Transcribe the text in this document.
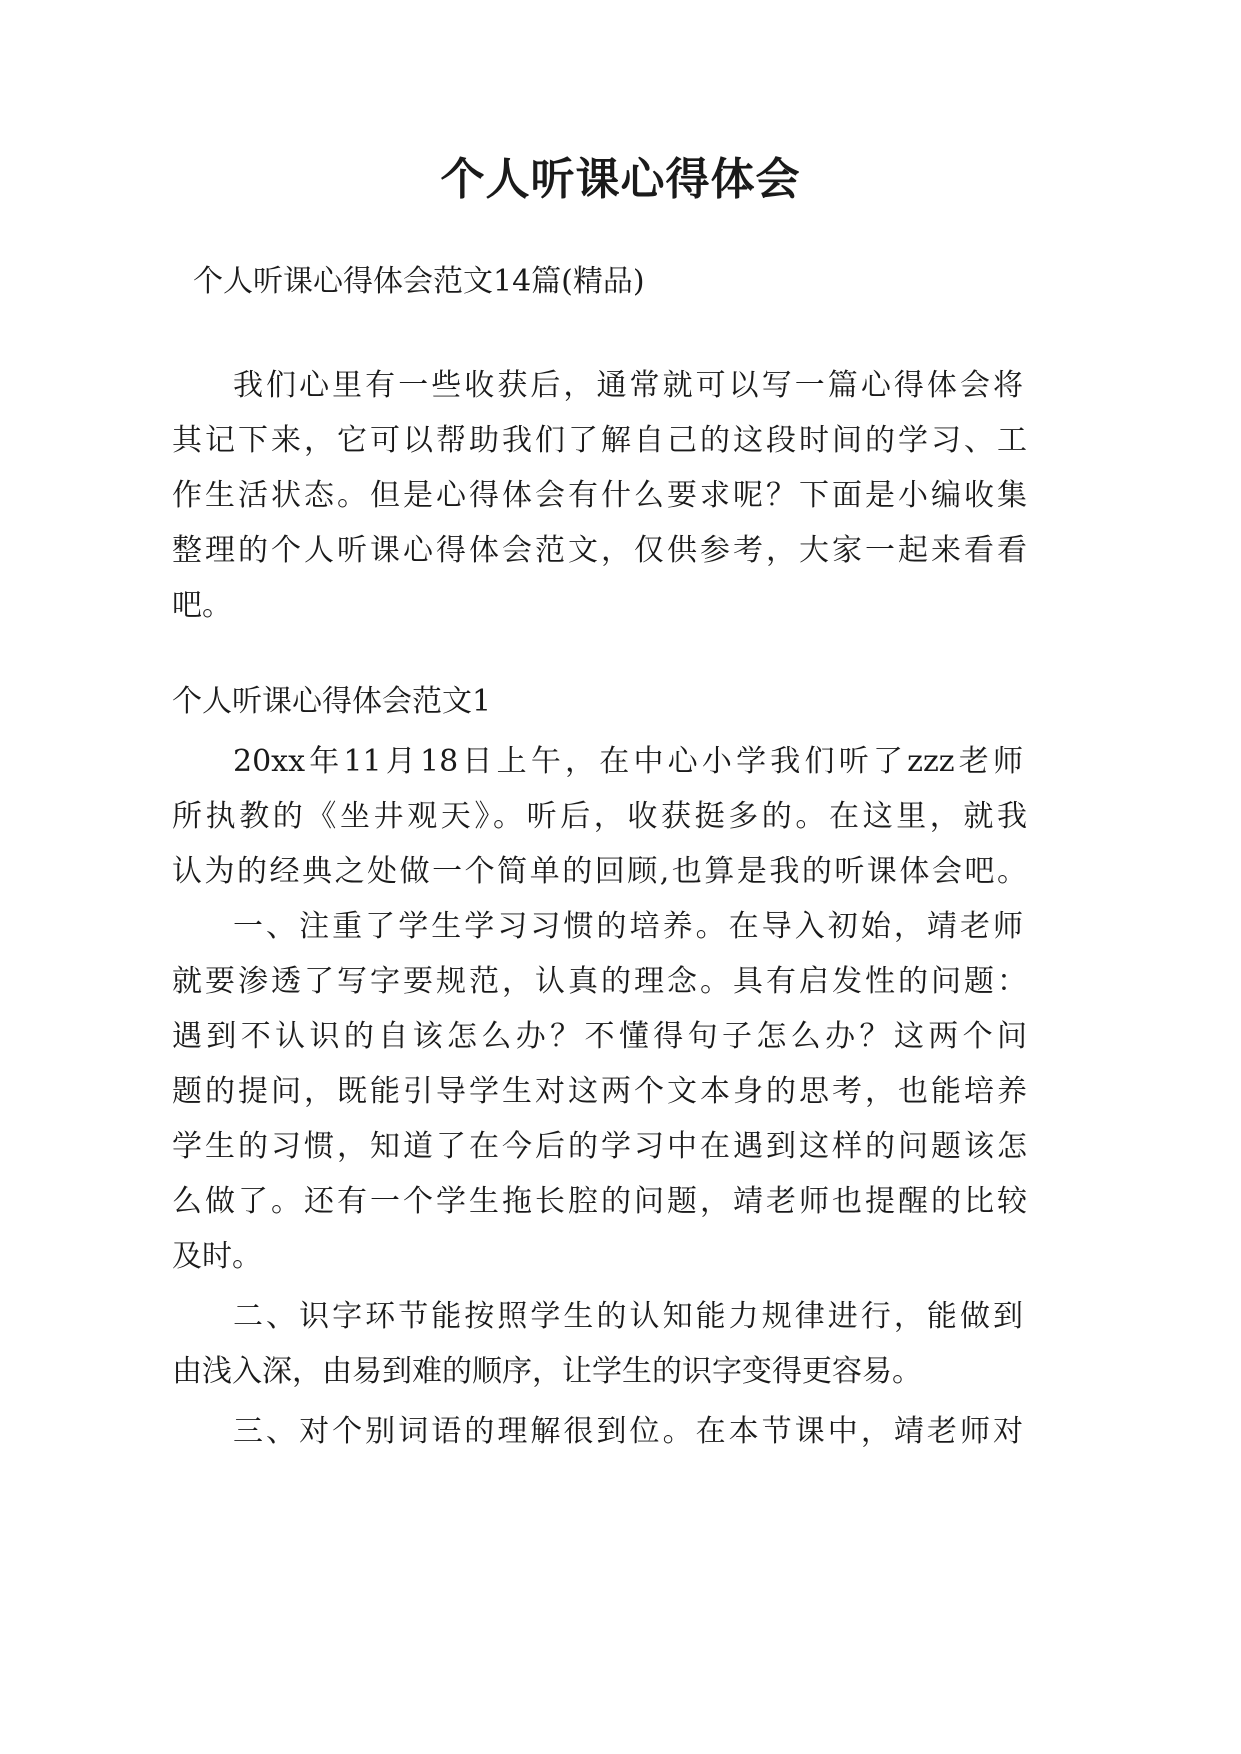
个人听课心得体会
个人听课心得体会范文14篇(精品)
我们心里有一些收获后，通常就可以写一篇心得体会将
其记下来，它可以帮助我们了解自己的这段时间的学习、工
作生活状态。但是心得体会有什么要求呢？下面是小编收集
整理的个人听课心得体会范文，仅供参考，大家一起来看看
吧。
个人听课心得体会范文1
20xx年11月18日上午，在中心小学我们听了zzz老师
所执教的《坐井观天》。听后，收获挺多的。在这里，就我
认为的经典之处做一个简单的回顾,也算是我的听课体会吧。
一、注重了学生学习习惯的培养。在导入初始，靖老师
就要渗透了写字要规范，认真的理念。具有启发性的问题：
遇到不认识的自该怎么办？不懂得句子怎么办？这两个问
题的提问，既能引导学生对这两个文本身的思考，也能培养
学生的习惯，知道了在今后的学习中在遇到这样的问题该怎
么做了。还有一个学生拖长腔的问题，靖老师也提醒的比较
及时。
二、识字环节能按照学生的认知能力规律进行，能做到
由浅入深，由易到难的顺序，让学生的识字变得更容易。
三、对个别词语的理解很到位。在本节课中，靖老师对
